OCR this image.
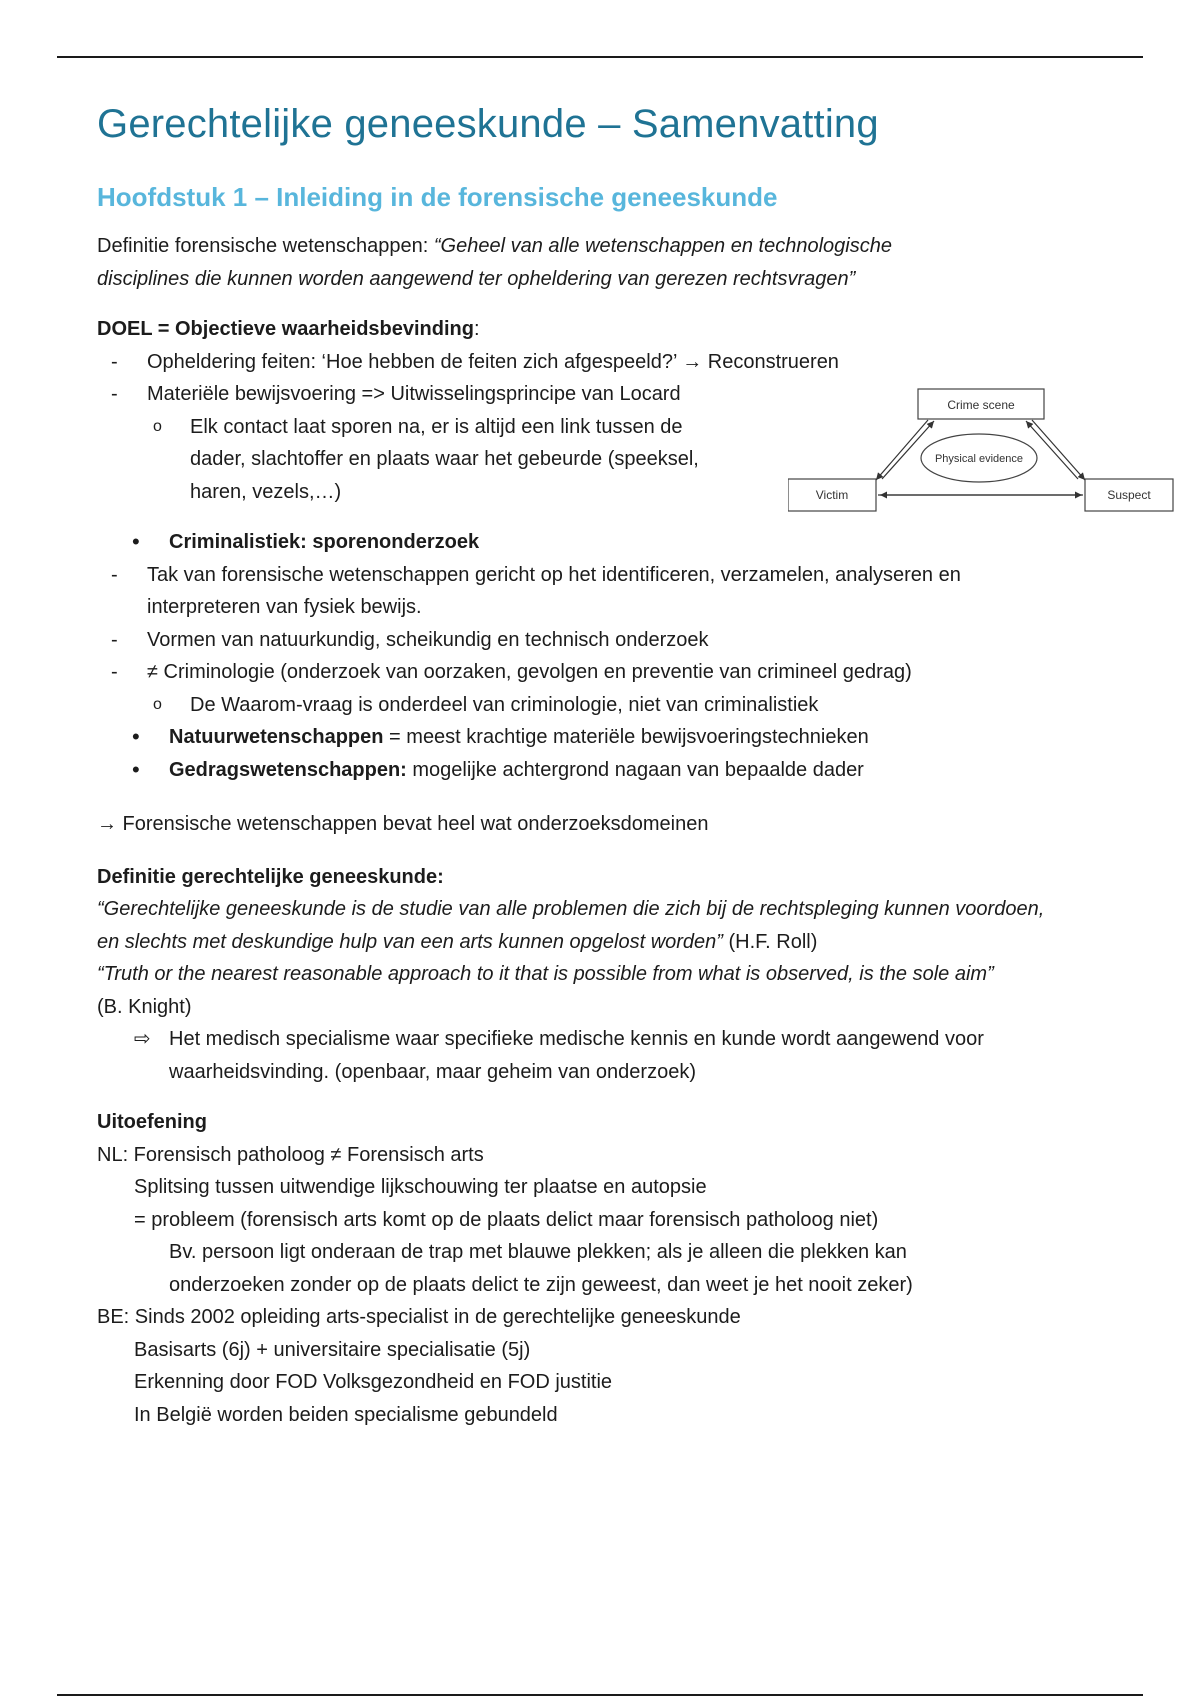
Gerechtelijke geneeskunde – Samenvatting
Hoofdstuk 1 – Inleiding in de forensische geneeskunde

Definitie forensische wetenschappen: “Geheel van alle wetenschappen en technologische disciplines die kunnen worden aangewend ter opheldering van gerezen rechtsvragen”

DOEL = Objectieve waarheidsbevinding:

- Opheldering feiten: ‘Hoe hebben de feiten zich afgespeeld?’ → Reconstrueren
- Materiële bewijsvoering => Uitwisselingsprincipe van Locard
o Elk contact laat sporen na, er is altijd een link tussen de dader, slachtoffer en plaats waar het gebeurde (speeksel, haren, vezels,…)
• Criminalistiek: sporenonderzoek
- Tak van forensische wetenschappen gericht op het identificeren, verzamelen, analyseren en interpreteren van fysiek bewijs.
- Vormen van natuurkundig, scheikundig en technisch onderzoek
- ≠ Criminologie (onderzoek van oorzaken, gevolgen en preventie van crimineel gedrag)
o De Waarom-vraag is onderdeel van criminologie, niet van criminalistiek
• Natuurwetenschappen = meest krachtige materiële bewijsvoeringstechnieken
• Gedragswetenschappen: mogelijke achtergrond nagaan van bepaalde dader

→ Forensische wetenschappen bevat heel wat onderzoeksdomeinen

Definitie gerechtelijke geneeskunde:

“Gerechtelijke geneeskunde is de studie van alle problemen die zich bij de rechtspleging kunnen voordoen, en slechts met deskundige hulp van een arts kunnen opgelost worden” (H.F. Roll)

“Truth or the nearest reasonable approach to it that is possible from what is observed, is the sole aim”

(B. Knight)

⇨ Het medisch specialisme waar specifieke medische kennis en kunde wordt aangewend voor waarheidsvinding. (openbaar, maar geheim van onderzoek)

Uitoefening

NL: Forensisch patholoog ≠ Forensisch arts

Splitsing tussen uitwendige lijkschouwing ter plaatse en autopsie

= probleem (forensisch arts komt op de plaats delict maar forensisch patholoog niet)

Bv. persoon ligt onderaan de trap met blauwe plekken; als je alleen die plekken kan onderzoeken zonder op de plaats delict te zijn geweest, dan weet je het nooit zeker)

BE: Sinds 2002 opleiding arts-specialist in de gerechtelijke geneeskunde

Basisarts (6j) + universitaire specialisatie (5j)

Erkenning door FOD Volksgezondheid en FOD justitie

In België worden beiden specialisme gebundeld

Crime scene
Physical evidence
Victim	Suspect
